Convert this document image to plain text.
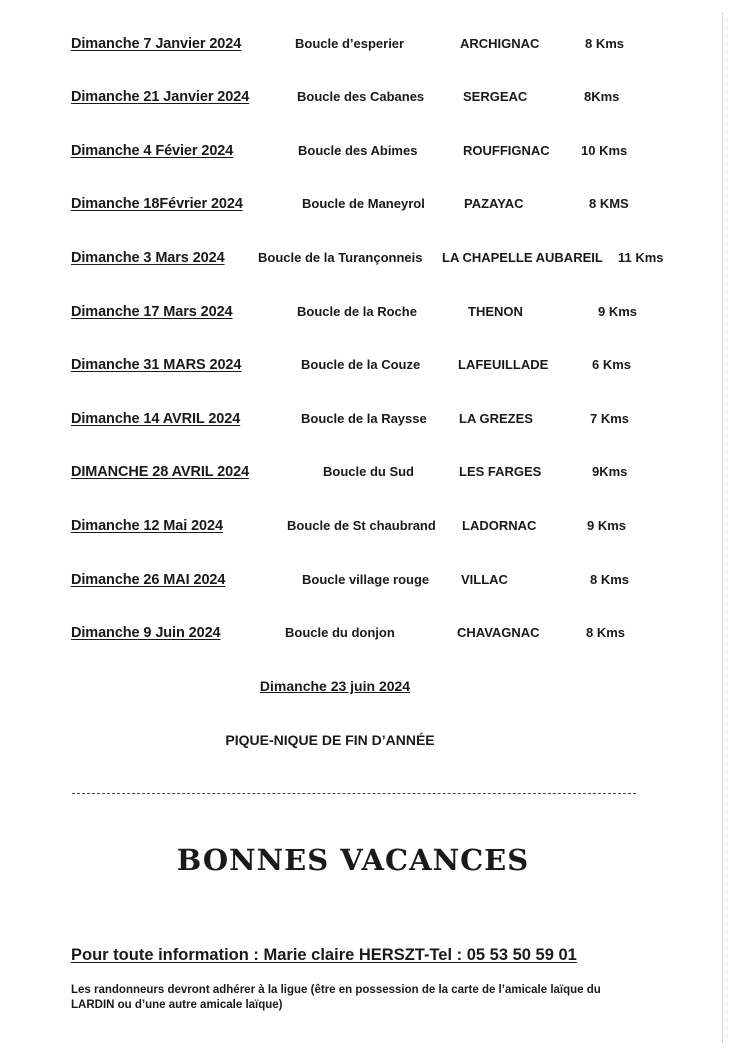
Dimanche 7 Janvier 2024	Boucle d’esperier	ARCHIGNAC	8 Kms
Dimanche 21 Janvier 2024	Boucle des Cabanes	SERGEAC	8Kms
Dimanche 4 Févier 2024	Boucle des Abimes	ROUFFIGNAC 10 Kms
Dimanche 18Février 2024	Boucle de Maneyrol	PAZAYAC	8 KMS
Dimanche 3 Mars 2024	Boucle de la Turançonneis LA CHAPELLE AUBAREIL 11 Kms
Dimanche 17 Mars 2024	Boucle de la Roche	THENON	9 Kms
Dimanche 31 MARS 2024	Boucle de la Couze	LAFEUILLADE	6 Kms
Dimanche 14 AVRIL 2024	Boucle de la Raysse LA GREZES	7 Kms
DIMANCHE 28 AVRIL 2024	Boucle du Sud	LES FARGES	9Kms
Dimanche 12 Mai 2024	Boucle de St chaubrand LADORNAC	9 Kms
Dimanche 26 MAI 2024	Boucle village rouge VILLAC	8 Kms
Dimanche 9 Juin 2024	Boucle du donjon	CHAVAGNAC	8 Kms
Dimanche 23 juin 2024
PIQUE-NIQUE DE FIN D’ANNÉE
BONNES VACANCES
Pour toute information : Marie claire HERSZT-Tel : 05 53 50 59 01
Les randonneurs devront adhérer à la ligue (être en possession de la carte de l’amicale laïque du LARDIN ou d’une autre amicale laïque)
